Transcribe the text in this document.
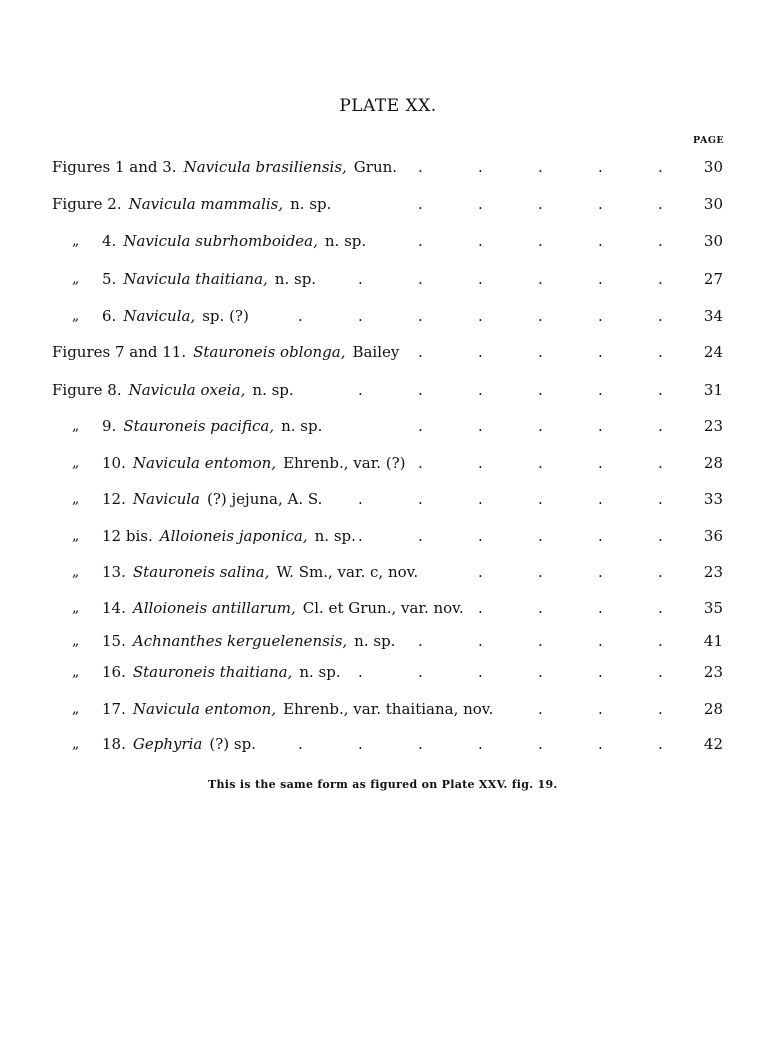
PLATE XX.
PAGE
Figures 1 and 3. Navicula brasiliensis, Grun. .	.	.	.	.	30
Figure 2. Navicula mammalis, n. sp.	.	.	.	.	.	30
„ 4. Navicula subrhomboidea, n. sp.	.	.	.	.	.	30
„ 5. Navicula thaitiana, n. sp.	.	.	.	.	.	.	27
„ 6. Navicula, sp. (?)	.	.	.	.	.	.	.	34
Figures 7 and 11. Stauroneis oblonga, Bailey .	.	.	.	.	24
Figure 8. Navicula oxeia, n. sp.	.	.	.	.	.	.	31
„ 9. Stauroneis pacifica, n. sp.	.	.	.	.	.	23
„ 10. Navicula entomon, Ehrenb., var. (?) .	.	.	.	.	28
„ 12. Navicula (?) jejuna, A. S. .	.	.	.	.	.	33
„ 12 bis. Alloioneis japonica, n. sp. .	.	.	.	.	.	36
„ 13. Stauroneis salina, W. Sm., var. c, nov.	.	.	.	.	23
„ 14. Alloioneis antillarum, Cl. et Grun., var. nov. .	.	.	.	35
„ 15. Achnanthes kerguelenensis, n. sp. .	.	.	.	.	41
„ 16. Stauroneis thaitiana, n. sp. .	.	.	.	.	.	23
„ 17. Navicula entomon, Ehrenb., var. thaitiana, nov.	.	.	.	28
„ 18. Gephyria (?) sp.	.	.	.	.	.	.	.	42
This is the same form as figured on Plate XXV. fig. 19.
